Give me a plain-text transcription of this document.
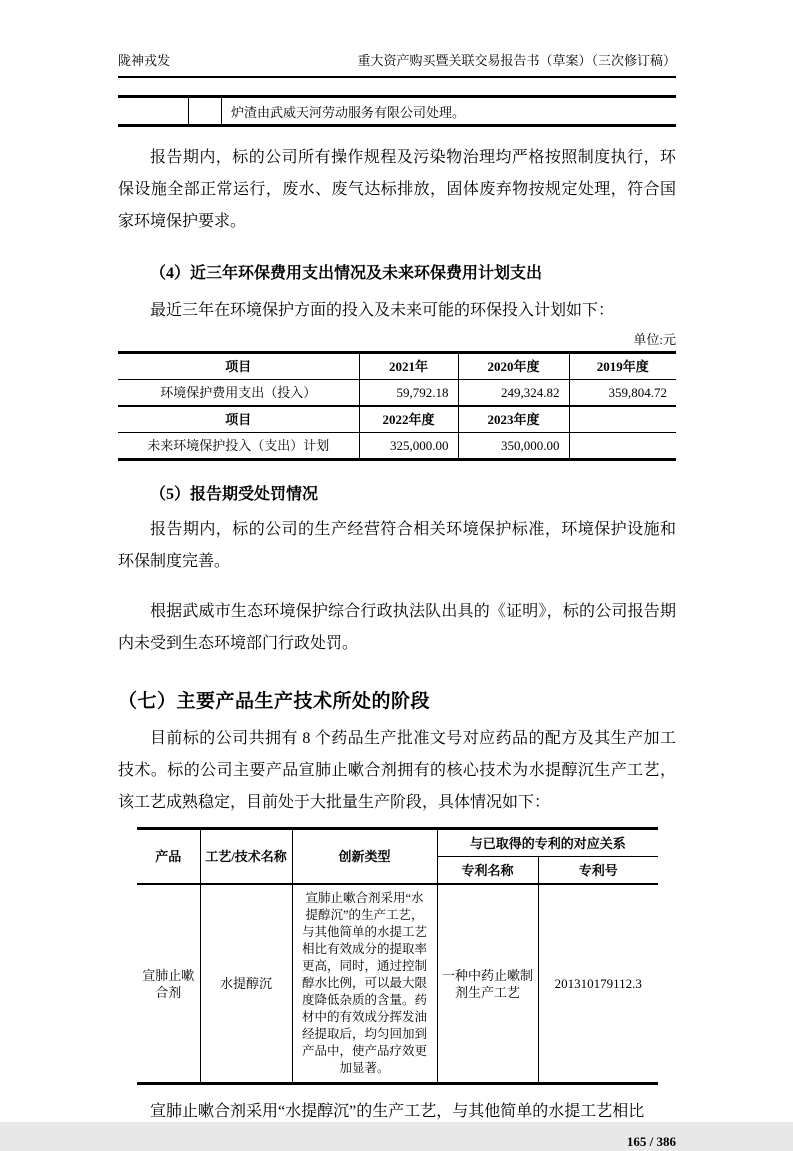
陇神戎发	重大资产购买暨关联交易报告书（草案）（三次修订稿）
炉渣由武威天河劳动服务有限公司处理。

报告期内，标的公司所有操作规程及污染物治理均严格按照制度执行，环保设施全部正常运行，废水、废气达标排放，固体废弃物按规定处理，符合国家环境保护要求。

（4）近三年环保费用支出情况及未来环保费用计划支出

最近三年在环境保护方面的投入及未来可能的环保投入计划如下：

单位:元
项目	2021年	2020年度	2019年度
环境保护费用支出（投入）	59,792.18	249,324.82	359,804.72
项目	2022年度	2023年度	
未来环境保护投入（支出）计划	325,000.00	350,000.00	
（5）报告期受处罚情况

报告期内，标的公司的生产经营符合相关环境保护标准，环境保护设施和环保制度完善。

根据武威市生态环境保护综合行政执法队出具的《证明》，标的公司报告期内未受到生态环境部门行政处罚。

（七）主要产品生产技术所处的阶段

目前标的公司共拥有 8 个药品生产批准文号对应药品的配方及其生产加工技术。标的公司主要产品宣肺止嗽合剂拥有的核心技术为水提醇沉生产工艺，该工艺成熟稳定，目前处于大批量生产阶段，具体情况如下：

产品	工艺/技术名称	创新类型	与已取得的专利的对应关系	
			专利名称	专利号
宣肺止嗽合剂	水提醇沉	宣肺止嗽合剂采用“水提醇沉”的生产工艺，与其他简单的水提工艺相比有效成分的提取率更高，同时，通过控制醇水比例，可以最大限度降低杂质的含量。药材中的有效成分挥发油经提取后，均匀回加到产品中，使产品疗效更加显著。	一种中药止嗽制剂生产工艺	201310179112.3

宣肺止嗽合剂采用“水提醇沉”的生产工艺，与其他简单的水提工艺相比

165 / 386
